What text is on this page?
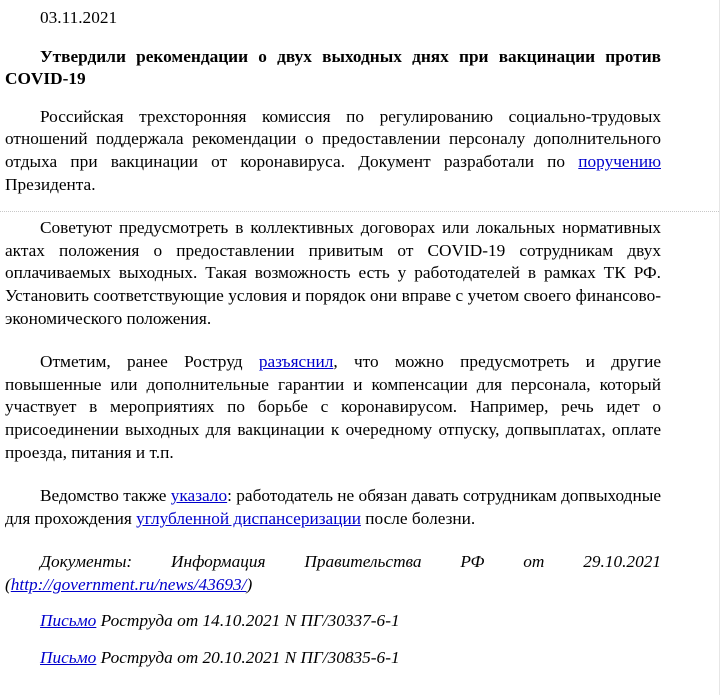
03.11.2021

Утвердили рекомендации о двух выходных днях при вакцинации против COVID-19

Российская трехсторонняя комиссия по регулированию социально-трудовых отношений поддержала рекомендации о предоставлении персоналу дополнительного отдыха при вакцинации от коронавируса. Документ разработали по поручению Президента.

Советуют предусмотреть в коллективных договорах или локальных нормативных актах положения о предоставлении привитым от COVID-19 сотрудникам двух оплачиваемых выходных. Такая возможность есть у работодателей в рамках ТК РФ. Установить соответствующие условия и порядок они вправе с учетом своего финансово-экономического положения.

Отметим, ранее Роструд разъяснил, что можно предусмотреть и другие повышенные или дополнительные гарантии и компенсации для персонала, который участвует в мероприятиях по борьбе с коронавирусом. Например, речь идет о присоединении выходных для вакцинации к очередному отпуску, допвыплатах, оплате проезда, питания и т.п.

Ведомство также указало: работодатель не обязан давать сотрудникам допвыходные для прохождения углубленной диспансеризации после болезни.

Документы: Информация Правительства РФ от 29.10.2021 (http://government.ru/news/43693/)

Письмо Роструда от 14.10.2021 N ПГ/30337-6-1

Письмо Роструда от 20.10.2021 N ПГ/30835-6-1
